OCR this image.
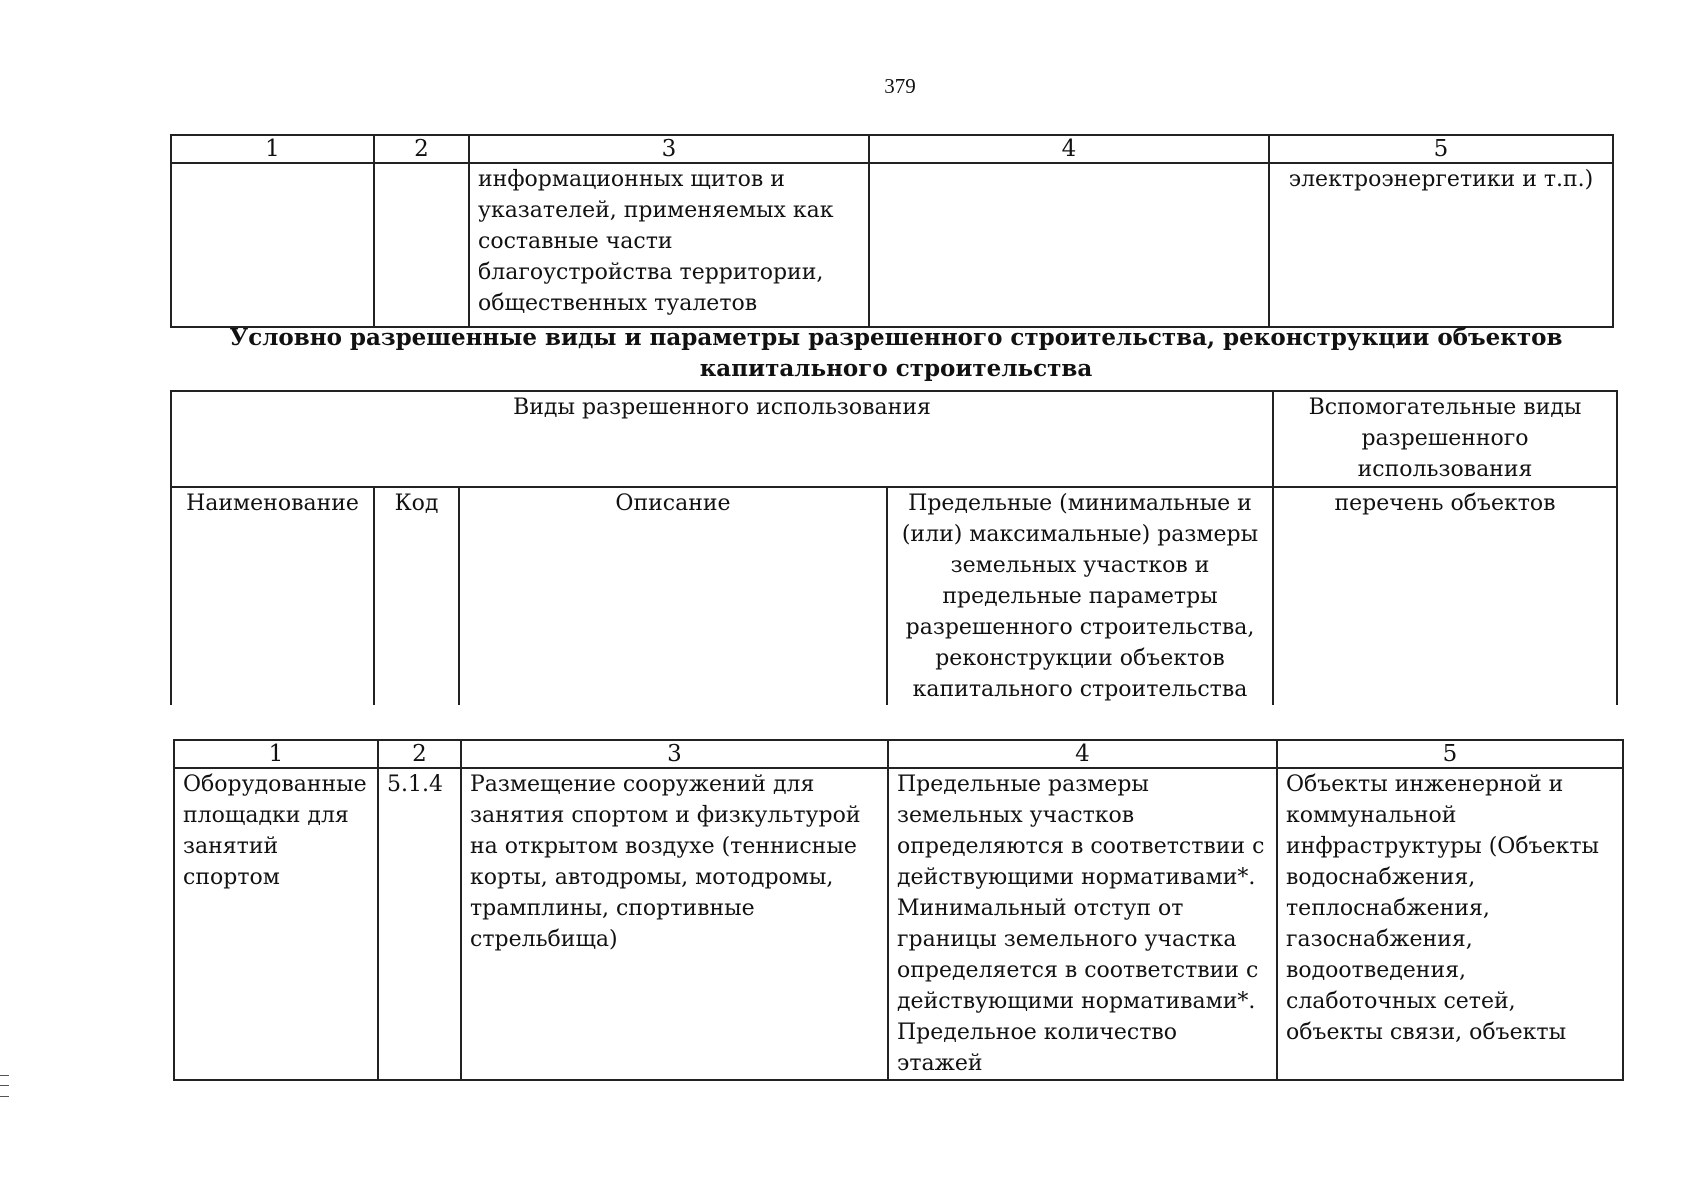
379
1	2	3	4	5
		информационных щитов и указателей, применяемых как составные части благоустройства территории, общественных туалетов		электроэнергетики и т.п.)
Условно разрешенные виды и параметры разрешенного строительства, реконструкции объектов капитального строительства
Виды разрешенного использования				Вспомогательные виды разрешенного использования
Наименование	Код	Описание	Предельные (минимальные и (или) максимальные) размеры земельных участков и предельные параметры разрешенного строительства, реконструкции объектов капитального строительства	перечень объектов
1	2	3	4	5
Оборудованные площадки для занятий спортом	5.1.4	Размещение сооружений для занятия спортом и физкультурой на открытом воздухе (теннисные корты, автодромы, мотодромы, трамплины, спортивные стрельбища)	Предельные размеры земельных участков определяются в соответствии с действующими нормативами*. Минимальный отступ от границы земельного участка определяется в соответствии с действующими нормативами*. Предельное количество этажей	Объекты инженерной и коммунальной инфраструктуры (Объекты водоснабжения, теплоснабжения, газоснабжения, водоотведения, слаботочных сетей, объекты связи, объекты
